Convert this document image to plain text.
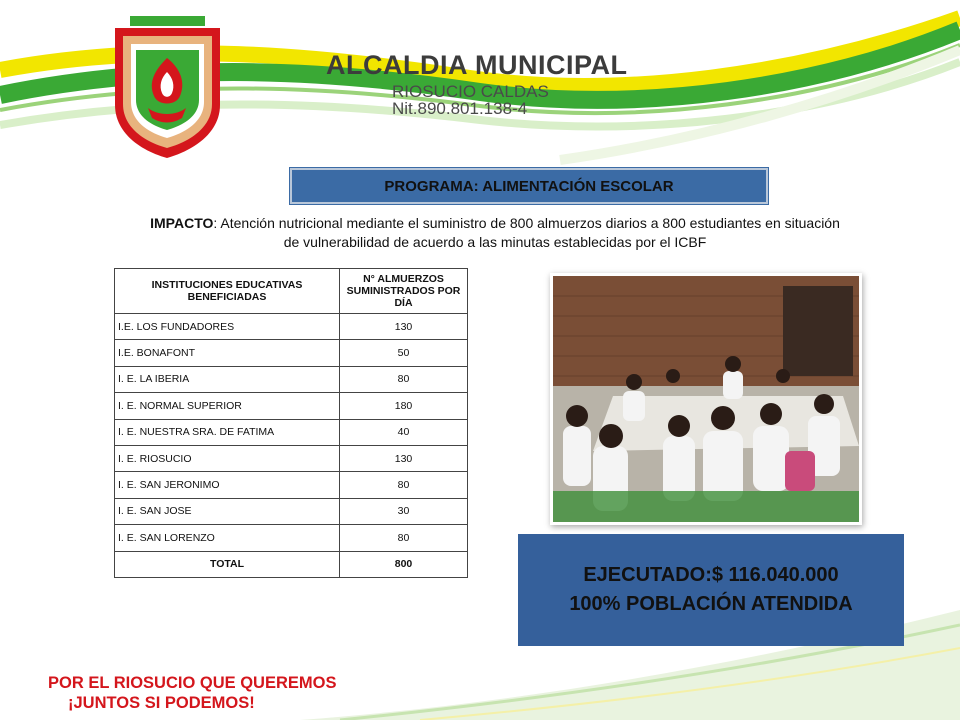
ALCALDIA MUNICIPAL
RIOSUCIO CALDAS
Nit.890.801.138-4
PROGRAMA: ALIMENTACIÓN ESCOLAR
IMPACTO: Atención nutricional mediante el suministro de 800 almuerzos diarios a 800 estudiantes en situación de vulnerabilidad de acuerdo a las minutas establecidas por el ICBF
INSTITUCIONES EDUCATIVAS BENEFICIADAS	N° ALMUERZOS SUMINISTRADOS POR DÍA
I.E. LOS FUNDADORES	130
I.E. BONAFONT	50
I. E. LA IBERIA	80
I. E. NORMAL SUPERIOR	180
I. E. NUESTRA SRA. DE FATIMA	40
I. E. RIOSUCIO	130
I. E. SAN JERONIMO	80
I. E. SAN JOSE	30
I. E. SAN LORENZO	80
TOTAL	800	EJECUTADO:$ 116.040.000
100% POBLACIÓN ATENDIDA
POR EL RIOSUCIO QUE QUEREMOS
¡JUNTOS SI PODEMOS!
